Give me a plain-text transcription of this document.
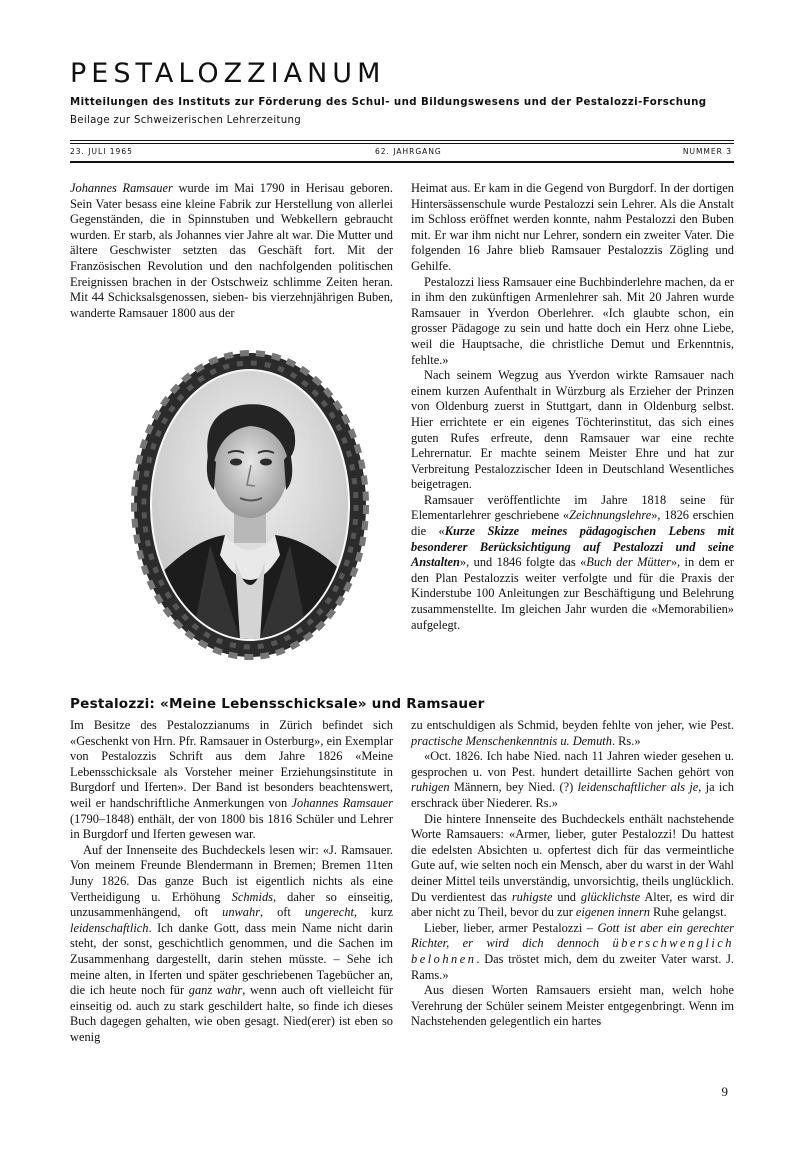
PESTALOZZIANUM

Mitteilungen des Instituts zur Förderung des Schul- und Bildungswesens und der Pestalozzi-Forschung

Beilage zur Schweizerischen Lehrerzeitung

23. JULI 1965	62. JAHRGANG	NUMMER 3

Johannes Ramsauer wurde im Mai 1790 in Herisau geboren. Sein Vater besass eine kleine Fabrik zur Herstellung von allerlei Gegenständen, die in Spinnstuben und Webkellern gebraucht wurden. Er starb, als Johannes vier Jahre alt war. Die Mutter und ältere Geschwister setzten das Geschäft fort. Mit der Französischen Revolution und den nachfolgenden politischen Ereignissen brachen in der Ostschweiz schlimme Zeiten heran. Mit 44 Schicksalsgenossen, sieben- bis vierzehnjährigen Buben, wanderte Ramsauer 1800 aus der

Heimat aus. Er kam in die Gegend von Burgdorf. In der dortigen Hintersässenschule wurde Pestalozzi sein Lehrer. Als die Anstalt im Schloss eröffnet werden konnte, nahm Pestalozzi den Buben mit. Er war ihm nicht nur Lehrer, sondern ein zweiter Vater. Die folgenden 16 Jahre blieb Ramsauer Pestalozzis Zögling und Gehilfe.

Pestalozzi liess Ramsauer eine Buchbinderlehre machen, da er in ihm den zukünftigen Armenlehrer sah. Mit 20 Jahren wurde Ramsauer in Yverdon Oberlehrer. «Ich glaubte schon, ein grosser Pädagoge zu sein und hatte doch ein Herz ohne Liebe, weil die Hauptsache, die christliche Demut und Erkenntnis, fehlte.»

Nach seinem Wegzug aus Yverdon wirkte Ramsauer nach einem kurzen Aufenthalt in Würzburg als Erzieher der Prinzen von Oldenburg zuerst in Stuttgart, dann in Oldenburg selbst. Hier errichtete er ein eigenes Töchterinstitut, das sich eines guten Rufes erfreute, denn Ramsauer war eine rechte Lehrernatur. Er machte seinem Meister Ehre und hat zur Verbreitung Pestalozzischer Ideen in Deutschland Wesentliches beigetragen.

Ramsauer veröffentlichte im Jahre 1818 seine für Elementarlehrer geschriebene «Zeichnungslehre», 1826 erschien die «Kurze Skizze meines pädagogischen Lebens mit besonderer Berücksichtigung auf Pestalozzi und seine Anstalten», und 1846 folgte das «Buch der Mütter», in dem er den Plan Pestalozzis weiter verfolgte und für die Praxis der Kinderstube 100 Anleitungen zur Beschäftigung und Belehrung zusammenstellte. Im gleichen Jahr wurden die «Memorabilien» aufgelegt.

Pestalozzi: «Meine Lebensschicksale» und Ramsauer

Im Besitze des Pestalozzianums in Zürich befindet sich «Geschenkt von Hrn. Pfr. Ramsauer in Osterburg», ein Exemplar von Pestalozzis Schrift aus dem Jahre 1826 «Meine Lebensschicksale als Vorsteher meiner Erziehungsinstitute in Burgdorf und Iferten». Der Band ist besonders beachtenswert, weil er handschriftliche Anmerkungen von Johannes Ramsauer (1790–1848) enthält, der von 1800 bis 1816 Schüler und Lehrer in Burgdorf und Iferten gewesen war.

Auf der Innenseite des Buchdeckels lesen wir: «J. Ramsauer. Von meinem Freunde Blendermann in Bremen; Bremen 11ten Juny 1826. Das ganze Buch ist eigentlich nichts als eine Vertheidigung u. Erhöhung Schmids, daher so einseitig, unzusammenhängend, oft unwahr, oft ungerecht, kurz leidenschaftlich. Ich danke Gott, dass mein Name nicht darin steht, der sonst, geschichtlich genommen, und die Sachen im Zusammenhang dargestellt, darin stehen müsste. – Sehe ich meine alten, in Iferten und später geschriebenen Tagebücher an, die ich heute noch für ganz wahr, wenn auch oft vielleicht für einseitig od. auch zu stark geschildert halte, so finde ich dieses Buch dagegen gehalten, wie oben gesagt. Nied(erer) ist eben so wenig

zu entschuldigen als Schmid, beyden fehlte von jeher, wie Pest. practische Menschenkenntnis u. Demuth. Rs.»

«Oct. 1826. Ich habe Nied. nach 11 Jahren wieder gesehen u. gesprochen u. von Pest. hundert detaillirte Sachen gehört von ruhigen Männern, bey Nied. (?) leidenschaftlicher als je, ja ich erschrack über Niederer. Rs.»

Die hintere Innenseite des Buchdeckels enthält nachstehende Worte Ramsauers: «Armer, lieber, guter Pestalozzi! Du hattest die edelsten Absichten u. opfertest dich für das vermeintliche Gute auf, wie selten noch ein Mensch, aber du warst in der Wahl deiner Mittel teils unverständig, unvorsichtig, theils unglücklich. Du verdientest das ruhigste und glücklichste Alter, es wird dir aber nicht zu Theil, bevor du zur eigenen innern Ruhe gelangst.

Lieber, lieber, armer Pestalozzi – Gott ist aber ein gerechter Richter, er wird dich dennoch überschwenglich belohnen. Das tröstet mich, dem du zweiter Vater warst. J. Rams.»

Aus diesen Worten Ramsauers ersieht man, welch hohe Verehrung der Schüler seinem Meister entgegenbringt. Wenn im Nachstehenden gelegentlich ein hartes

9
